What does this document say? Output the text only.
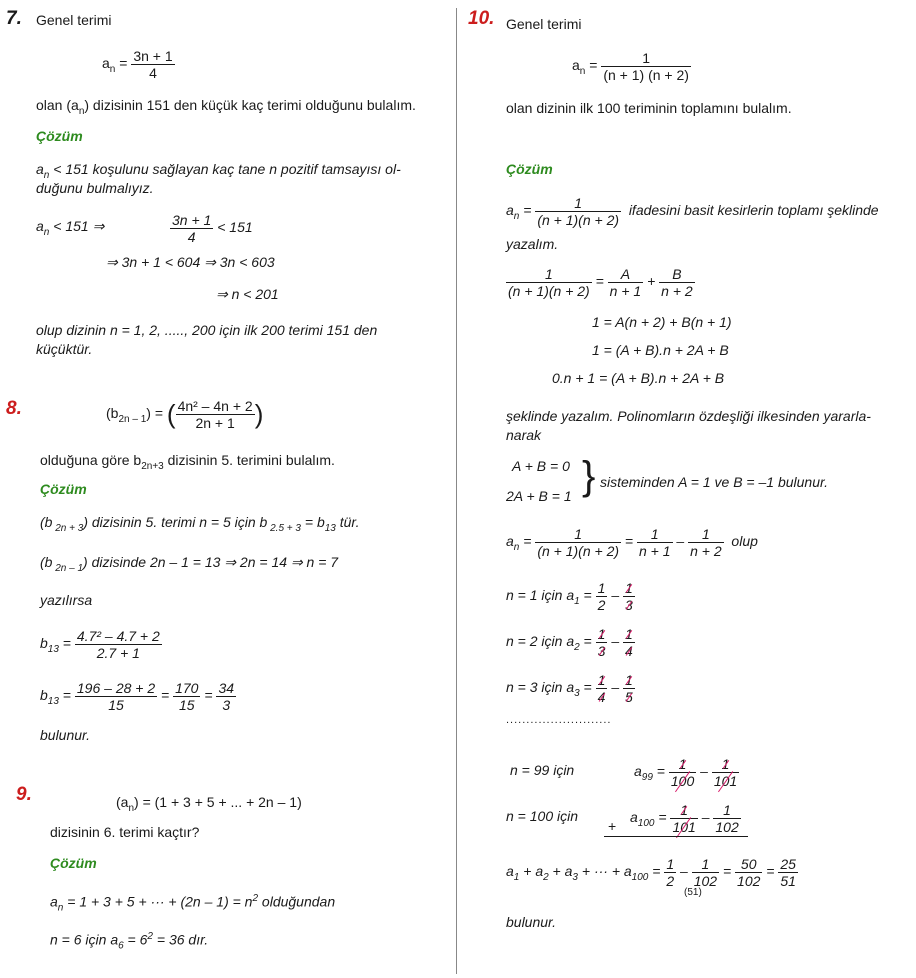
7. Genel terimi
$a_n = \frac{3n + 1}{4}$
olan $(a_n)$ dizisinin 151 den küçük kaç terimi olduğunu bulalım.
Çözüm
$a_n < 151$ koşulunu sağlayan kaç tane n pozitif tamsayısı ol-
duğunu bulmalıyız.
$a_n < 151$ ⇒	$\frac{3n + 1}{4} < 151$
⇒ 3n + 1 < 604 ⇒ 3n < 603
⇒ n < 201
olup dizinin n = 1, 2, ....., 200 için ilk 200 terimi 151 den
küçüktür.
8.	$(b_{2n - 1})$ = ( $\frac{\text{4n² – 4n + 2}}{2n + 1}$ )
olduğuna göre $b_{2n+3}$ dizisinin 5. terimini bulalım.
Çözüm
(b $_{2n + 3}$) dizisinin 5. terimi n = 5 için b $_{2.5 + 3} = b_{13}$ tür.
(b $_{2n - 1}$) dizisinde 2n – 1 = 13 ⇒ 2n = 14 ⇒ n = 7
yazılırsa
$b_{13} = \frac{\text{4.7² – 4.7 + 2}}{2.7 + 1}$
$b_{13} = \frac{196 - 28 + 2}{15} = \frac{170}{15} = \frac{34}{3}$
bulunur.
9.	$(a_n) = (1 + 3 + 5$ + ... + 2n – 1)
dizisinin 6. terimi kaçtır?
Çözüm
$a_n = 1 + 3 + 5$ + ··· + $(2n - 1) = n^2$ olduğundan
n = 6 için $a_6 = 6^2 = 36$ dır.
10. Genel terimi
$a_n = \frac{1}{(n + 1) (n + 2)}$
olan dizinin ilk 100 teriminin toplamını bulalım.
Çözüm
$a_n = \frac{1}{(n + 1)(n + 2)}$ ifadesini basit kesirlerin toplamı şeklinde
yazalım.
$\frac{1}{(n + 1)(n + 2)} = \frac{A}{n + 1} + \frac{B}{n + 2}$
1 = A(n + 2) + B(n + 1)
1 = (A + B).n + 2A + B
0.n + 1 = (A + B).n + 2A + B
şeklinde yazalım. Polinomların özdeşliği ilkesinden yararla-
narak
A + B = 0
2A + B = 1 } sisteminden A = 1 ve B = –1 bulunur.
$a_n = \frac{1}{(n + 1)(n + 2)} = \frac{1}{n + 1} - \frac{1}{n + 2}$ olup
n = 1 için $a_1 = \frac{1}{2} - \frac{1}{3}$
n = 2 için $a_2 = \frac{1}{3} - \frac{1}{4}$
n = 3 için $a_3 = \frac{1}{4} - \frac{1}{5}$
..........................
n = 99 için	$a_{99} = \frac{1}{100} - \frac{1}{101}$
n = 100 için
+
$a_{100} = \frac{1}{101} - \frac{1}{102}$
$a_1 + a_2 + a_3$ + ··· + $a_{100} = \frac{1}{2} - \frac{1}{102} = \frac{50}{102} = \frac{25}{51}$
(51)
bulunur.
